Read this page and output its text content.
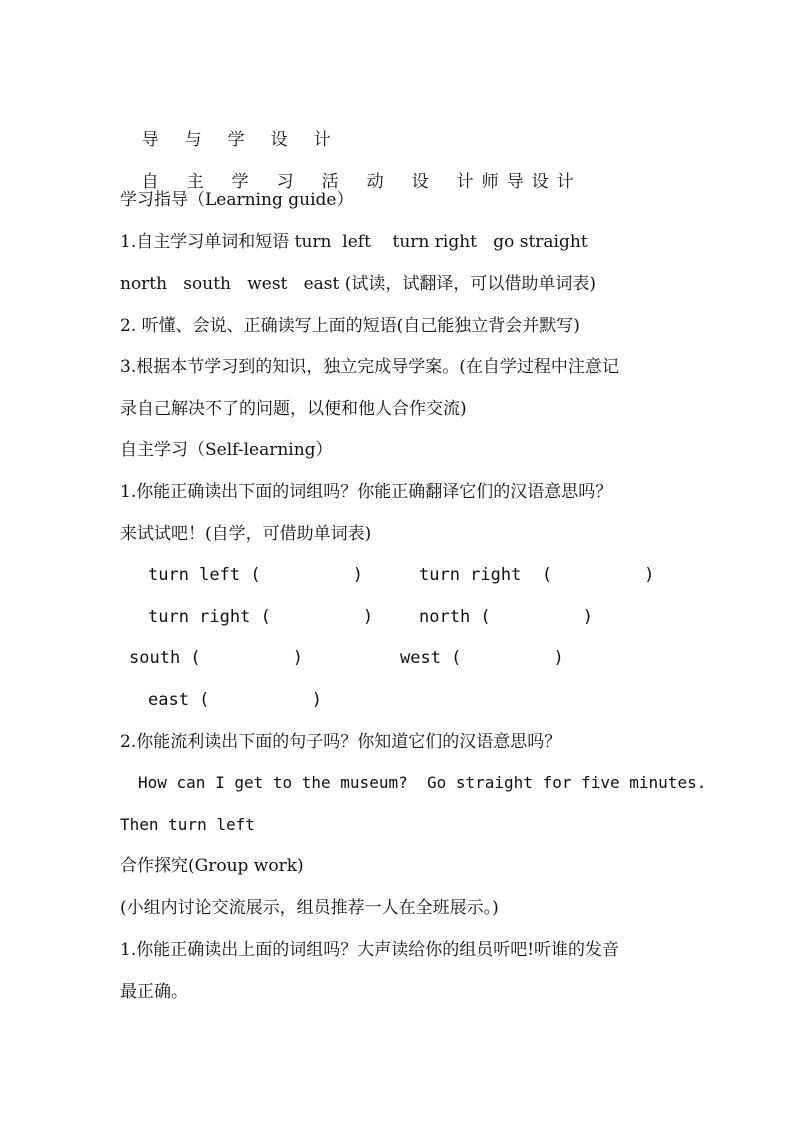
导 与 学 设 计

自 主 学 习 活 动 设 计 师 导 设 计

学习指导（Learning guide）
1.自主学习单词和短语 turn  left    turn right   go straight
north   south   west   east (试读，试翻译，可以借助单词表)
2. 听懂、会说、正确读写上面的短语(自己能独立背会并默写)
3.根据本节学习到的知识，独立完成导学案。(在自学过程中注意记
录自己解决不了的问题，以便和他人合作交流)
自主学习（Self-learning）
1.你能正确读出下面的词组吗？你能正确翻译它们的汉语意思吗？
来试试吧！(自学，可借助单词表)
turn left (         )	turn right  (         )
turn right (         )	north (         )
south (         )	west (         )
east (          )
2.你能流利读出下面的句子吗？你知道它们的汉语意思吗？
How can I get to the museum?  Go straight for five minutes.
Then turn left
合作探究(Group work)
(小组内讨论交流展示，组员推荐一人在全班展示。)
1.你能正确读出上面的词组吗？大声读给你的组员听吧!听谁的发音
最正确。
